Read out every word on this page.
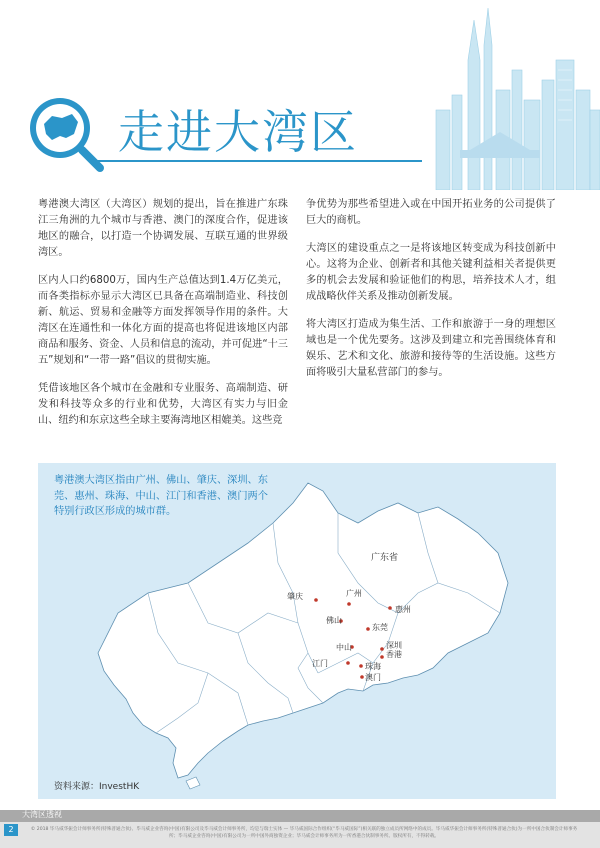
走进大湾区

粤港澳大湾区（大湾区）规划的提出，旨在推进广东珠江三角洲的九个城市与香港、澳门的深度合作，促进该地区的融合，以打造一个协调发展、互联互通的世界级湾区。

区内人口约6800万，国内生产总值达到1.4万亿美元，而各类指标亦显示大湾区已具备在高端制造业、科技创新、航运、贸易和金融等方面发挥领导作用的条件。大湾区在连通性和一体化方面的提高也将促进该地区内部商品和服务、资金、人员和信息的流动，并可促进“十三五”规划和“一带一路”倡议的贯彻实施。

凭借该地区各个城市在金融和专业服务、高端制造、研发和科技等众多的行业和优势，大湾区有实力与旧金山、纽约和东京这些全球主要海湾地区相媲美。这些竞

争优势为那些希望进入或在中国开拓业务的公司提供了巨大的商机。

大湾区的建设重点之一是将该地区转变成为科技创新中心。这将为企业、创新者和其他关键利益相关者提供更多的机会去发展和验证他们的构思，培养技术人才，组成战略伙伴关系及推动创新发展。

将大湾区打造成为集生活、工作和旅游于一身的理想区域也是一个优先要务。这涉及到建立和完善围绕体育和娱乐、艺术和文化、旅游和接待等的生活设施。这些方面将吸引大量私营部门的参与。

广东省
肇庆	广州
惠州
佛山
东莞
深圳
香港
中山
江门	珠海
澳门
粤港澳大湾区指由广州、佛山、肇庆、深圳、东莞、惠州、珠海、中山、江门和香港、澳门两个特别行政区形成的城市群。
资料来源：InvestHK
大湾区透视
2	© 2018 毕马威华振会计师事务所(特殊普通合伙)、毕马威企业咨询(中国)有限公司及毕马威会计师事务所，均是与瑞士实体 — 毕马威国际合作组织(“毕马威国际”)相关联的独立成员所网络中的成员。毕马威华振会计师事务所(特殊普通合伙)为一所中国合伙制会计师事务所；毕马威企业咨询(中国)有限公司为一所中国外商独资企业；毕马威会计师事务所为一所香港合伙制事务所。版权所有，不得转载。
